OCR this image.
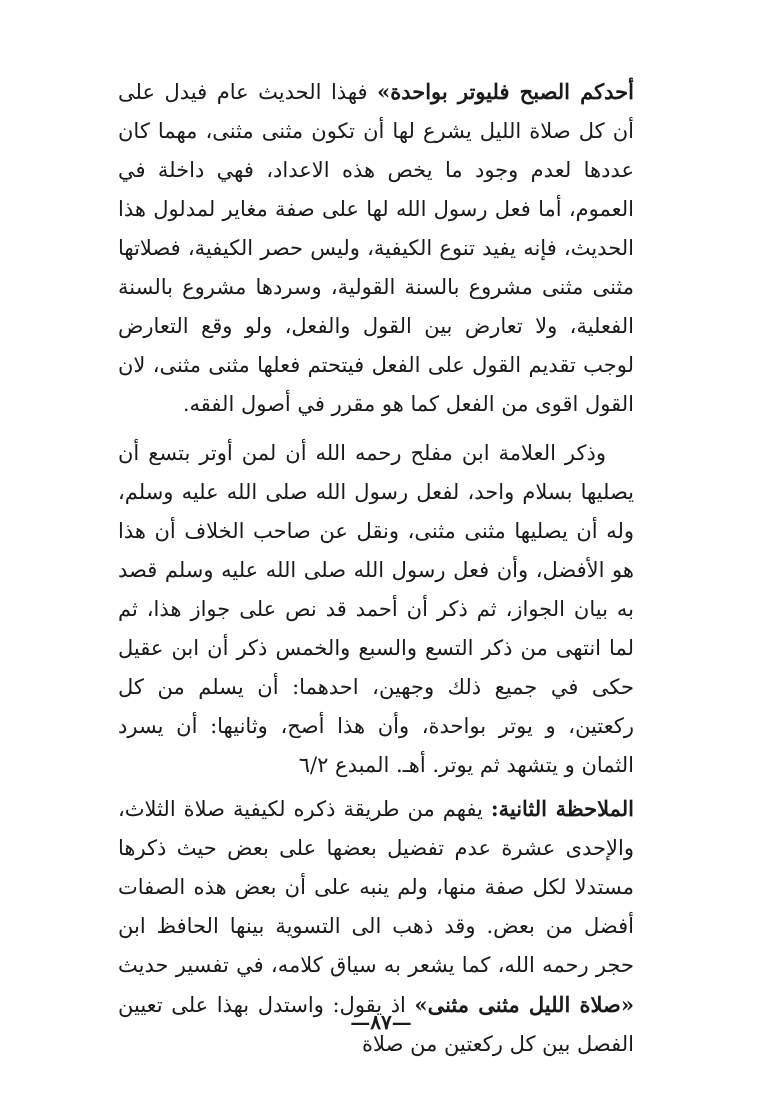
أحدكم الصبح فليوتر بواحدة» فهذا الحديث عام فيدل على أن كل صلاة الليل يشرع لها أن تكون مثنى مثنى، مهما كان عددها لعدم وجود ما يخص هذه الاعداد، فهي داخلة في العموم، أما فعل رسول الله لها على صفة مغاير لمدلول هذا الحديث، فإنه يفيد تنوع الكيفية، وليس حصر الكيفية، فصلاتها مثنى مثنى مشروع بالسنة القولية، وسردها مشروع بالسنة الفعلية، ولا تعارض بين القول والفعل، ولو وقع التعارض لوجب تقديم القول على الفعل فيتحتم فعلها مثنى مثنى، لان القول اقوى من الفعل كما هو مقرر في أصول الفقه.

وذكر العلامة ابن مفلح رحمه الله أن لمن أوتر بتسع أن يصليها بسلام واحد، لفعل رسول الله صلى الله عليه وسلم، وله أن يصليها مثنى مثنى، ونقل عن صاحب الخلاف أن هذا هو الأفضل، وأن فعل رسول الله صلى الله عليه وسلم قصد به بيان الجواز، ثم ذكر أن أحمد قد نص على جواز هذا، ثم لما انتهى من ذكر التسع والسبع والخمس ذكر أن ابن عقيل حكى في جميع ذلك وجهين، احدهما: أن يسلم من كل ركعتين، و يوتر بواحدة، وأن هذا أصح، وثانيها: أن يسرد الثمان و يتشهد ثم يوتر. أهـ. المبدع ٦/٢

الملاحظة الثانية: يفهم من طريقة ذكره لكيفية صلاة الثلاث، والإحدى عشرة عدم تفضيل بعضها على بعض حيث ذكرها مستدلا لكل صفة منها، ولم ينبه على أن بعض هذه الصفات أفضل من بعض. وقد ذهب الى التسوية بينها الحافظ ابن حجر رحمه الله، كما يشعر به سياق كلامه، في تفسير حديث «صلاة الليل مثنى مثنى» اذ يقول: واستدل بهذا على تعيين الفصل بين كل ركعتين من صلاة

—٨٧—
